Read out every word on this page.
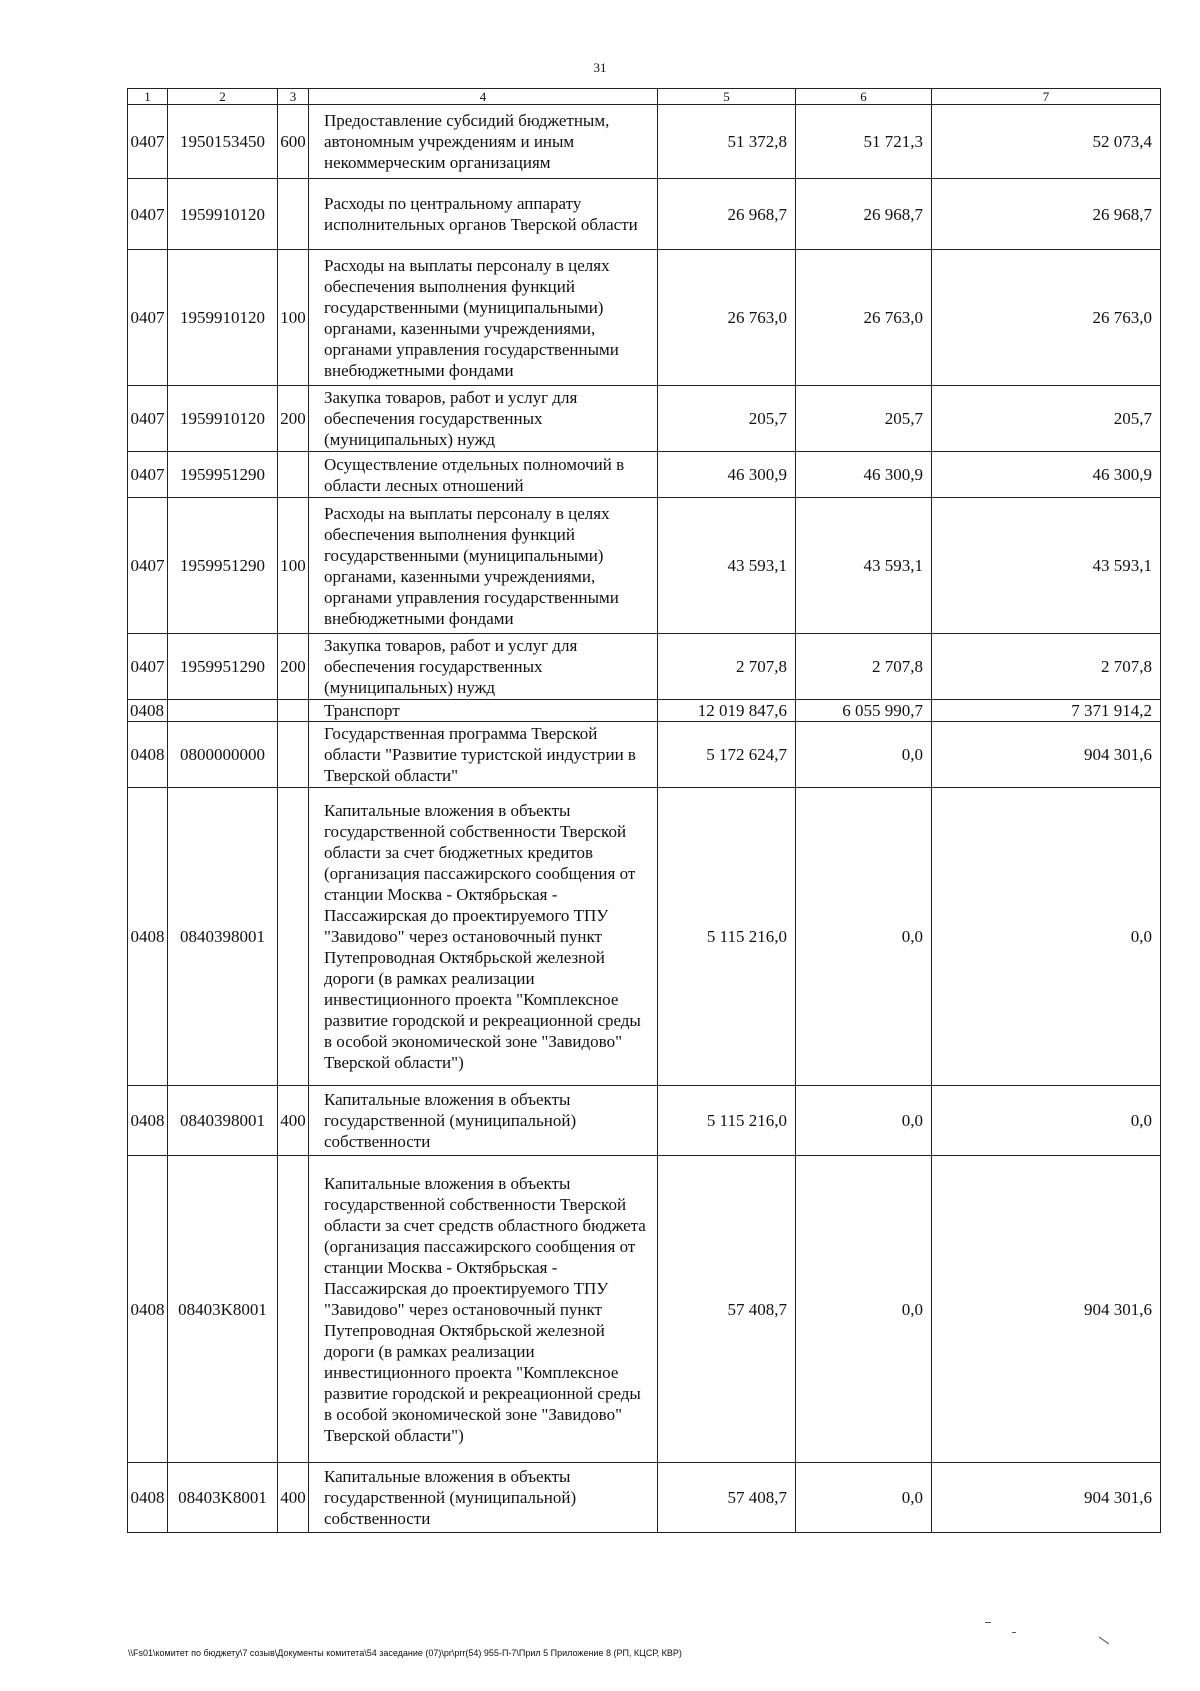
31
1	2	3	4	5	6	7
0407	1950153450	600	Предоставление субсидий бюджетным, автономным учреждениям и иным некоммерческим организациям	51 372,8	51 721,3	52 073,4
0407	1959910120		Расходы по центральному аппарату исполнительных органов Тверской области	26 968,7	26 968,7	26 968,7
0407	1959910120	100	Расходы на выплаты персоналу в целях обеспечения выполнения функций государственными (муниципальными) органами, казенными учреждениями, органами управления государственными внебюджетными фондами	26 763,0	26 763,0	26 763,0
0407	1959910120	200	Закупка товаров, работ и услуг для обеспечения государственных (муниципальных) нужд	205,7	205,7	205,7
0407	1959951290		Осуществление отдельных полномочий в области лесных отношений	46 300,9	46 300,9	46 300,9
0407	1959951290	100	Расходы на выплаты персоналу в целях обеспечения выполнения функций государственными (муниципальными) органами, казенными учреждениями, органами управления государственными внебюджетными фондами	43 593,1	43 593,1	43 593,1
0407	1959951290	200	Закупка товаров, работ и услуг для обеспечения государственных (муниципальных) нужд	2 707,8	2 707,8	2 707,8
0408			Транспорт	12 019 847,6	6 055 990,7	7 371 914,2
0408	0800000000		Государственная программа Тверской области "Развитие туристской индустрии в Тверской области"	5 172 624,7	0,0	904 301,6
0408	0840398001		Капитальные вложения в объекты государственной собственности Тверской области за счет бюджетных кредитов (организация пассажирского сообщения от станции Москва - Октябрьская - Пассажирская до проектируемого ТПУ "Завидово" через остановочный пункт Путепроводная Октябрьской железной дороги (в рамках реализации инвестиционного проекта "Комплексное развитие городской и рекреационной среды в особой экономической зоне "Завидово" Тверской области")	5 115 216,0	0,0	0,0
0408	0840398001	400	Капитальные вложения в объекты государственной (муниципальной) собственности	5 115 216,0	0,0	0,0
0408	08403K8001		Капитальные вложения в объекты государственной собственности Тверской области за счет средств областного бюджета (организация пассажирского сообщения от станции Москва - Октябрьская - Пассажирская до проектируемого ТПУ "Завидово" через остановочный пункт Путепроводная Октябрьской железной дороги (в рамках реализации инвестиционного проекта "Комплексное развитие городской и рекреационной среды в особой экономической зоне "Завидово" Тверской области")	57 408,7	0,0	904 301,6
0408	08403K8001	400	Капитальные вложения в объекты государственной (муниципальной) собственности	57 408,7	0,0	904 301,6
\\Fs01\комитет по бюджету\7 созыв\Документы комитета\54 заседание (07)\pr\prr(54) 955-П-7\Прил 5 Приложение 8 (РП, КЦСР, КВР)
